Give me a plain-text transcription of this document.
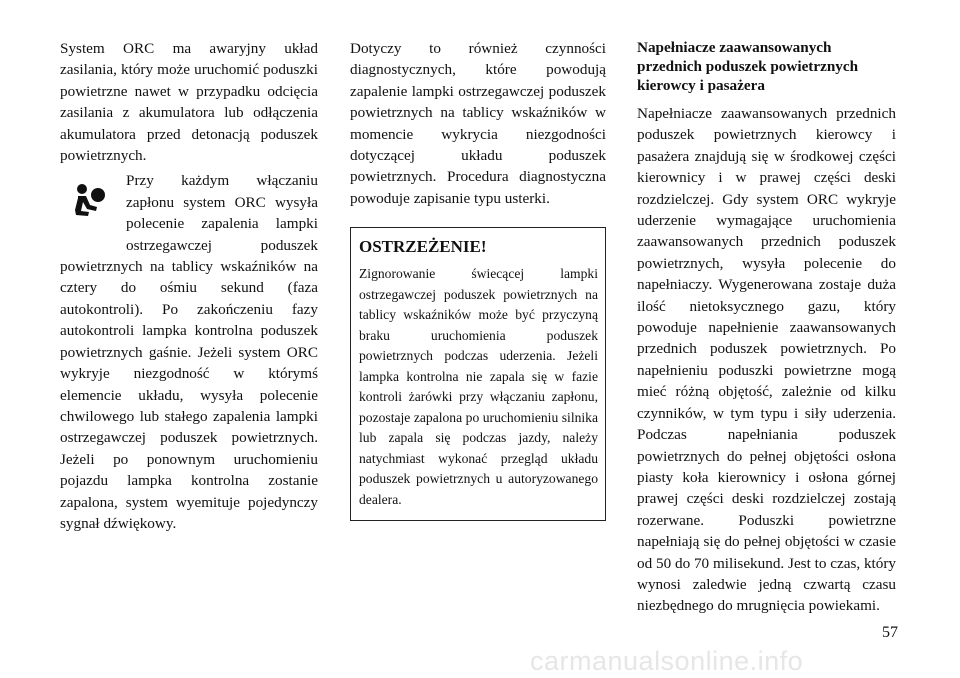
System ORC ma awaryjny układ zasilania, który może uruchomić poduszki powietrzne nawet w przypadku odcięcia zasilania z akumulatora lub odłączenia akumulatora przed detonacją poduszek powietrznych.

Przy każdym włączaniu zapłonu system ORC wysyła polecenie zapalenia lampki ostrzegawczej poduszek powietrznych na tablicy wskaźników na cztery do ośmiu sekund (faza autokontroli). Po zakończeniu fazy autokontroli lampka kontrolna poduszek powietrznych gaśnie. Jeżeli system ORC wykryje niezgodność w którymś elemencie układu, wysyła polecenie chwilowego lub stałego zapalenia lampki ostrzegawczej poduszek powietrznych. Jeżeli po ponownym uruchomieniu pojazdu lampka kontrolna zostanie zapalona, system wyemituje pojedynczy sygnał dźwiękowy.

Dotyczy to również czynności diagnostycznych, które powodują zapalenie lampki ostrzegawczej poduszek powietrznych na tablicy wskaźników w momencie wykrycia niezgodności dotyczącej układu poduszek powietrznych. Procedura diagnostyczna powoduje zapisanie typu usterki.

OSTRZEŻENIE!
Zignorowanie świecącej lampki ostrzegawczej poduszek powietrznych na tablicy wskaźników może być przyczyną braku uruchomienia poduszek powietrznych podczas uderzenia. Jeżeli lampka kontrolna nie zapala się w fazie kontroli żarówki przy włączaniu zapłonu, pozostaje zapalona po uruchomieniu silnika lub zapala się podczas jazdy, należy natychmiast wykonać przegląd układu poduszek powietrznych u autoryzowanego dealera.
Napełniacze zaawansowanych przednich poduszek powietrznych kierowcy i pasażera

Napełniacze zaawansowanych przednich poduszek powietrznych kierowcy i pasażera znajdują się w środkowej części kierownicy i w prawej części deski rozdzielczej. Gdy system ORC wykryje uderzenie wymagające uruchomienia zaawansowanych przednich poduszek powietrznych, wysyła polecenie do napełniaczy. Wygenerowana zostaje duża ilość nietoksycznego gazu, który powoduje napełnienie zaawansowanych przednich poduszek powietrznych. Po napełnieniu poduszki powietrzne mogą mieć różną objętość, zależnie od kilku czynników, w tym typu i siły uderzenia. Podczas napełniania poduszek powietrznych do pełnej objętości osłona piasty koła kierownicy i osłona górnej prawej części deski rozdzielczej zostają rozerwane. Poduszki powietrzne napełniają się do pełnej objętości w czasie od 50 do 70 milisekund. Jest to czas, który wynosi zaledwie jedną czwartą czasu niezbędnego do mrugnięcia powiekami.

57
carmanualsonline.info
